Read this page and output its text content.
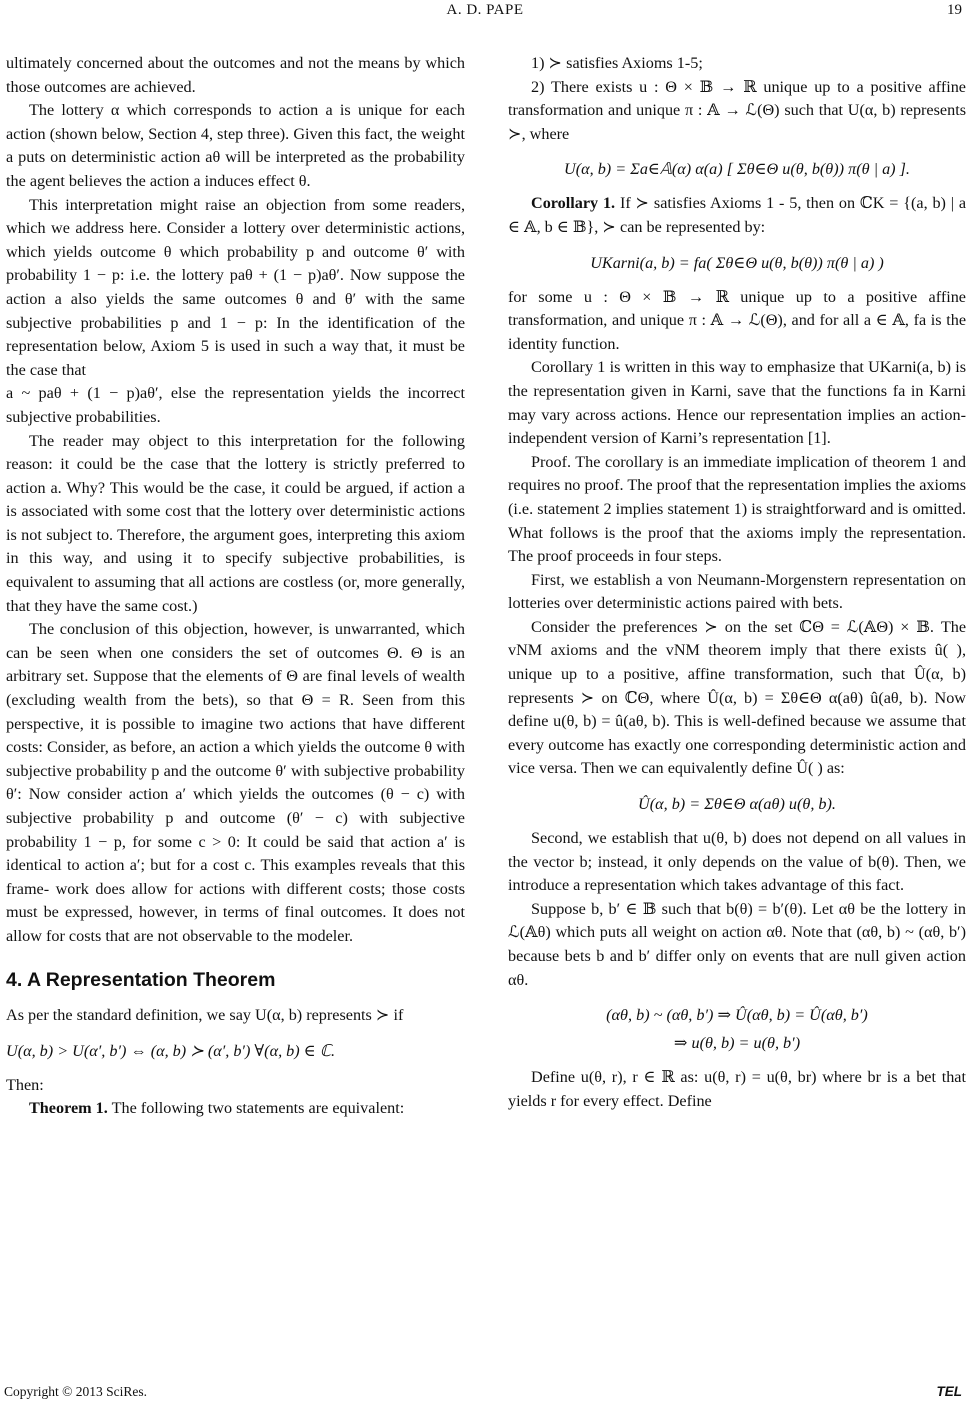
A. D. PAPE	19

ultimately concerned about the outcomes and not the means by which those outcomes are achieved.

The lottery α which corresponds to action a is unique for each action (shown below, Section 4, step three). Given this fact, the weight a puts on deterministic action aθ will be interpreted as the probability the agent believes the action a induces effect θ.

This interpretation might raise an objection from some readers, which we address here. Consider a lottery over deterministic actions, which yields outcome θ which probability p and outcome θ′ with probability 1 − p: i.e. the lottery paθ + (1 − p)aθ′. Now suppose the action a also yields the same outcomes θ and θ′ with the same subjective probabilities p and 1 − p: In the identification of the representation below, Axiom 5 is used in such a way that, it must be the case that

a ~ paθ + (1 − p)aθ′, else the representation yields the incorrect subjective probabilities.

The reader may object to this interpretation for the following reason: it could be the case that the lottery is strictly preferred to action a. Why? This would be the case, it could be argued, if action a is associated with some cost that the lottery over deterministic actions is not subject to. Therefore, the argument goes, interpreting this axiom in this way, and using it to specify subjective probabilities, is equivalent to assuming that all actions are costless (or, more generally, that they have the same cost.)

The conclusion of this objection, however, is unwarranted, which can be seen when one considers the set of outcomes Θ. Θ is an arbitrary set. Suppose that the elements of Θ are final levels of wealth (excluding wealth from the bets), so that Θ = R. Seen from this perspective, it is possible to imagine two actions that have different costs: Consider, as before, an action a which yields the outcome θ with subjective probability p and the outcome θ′ with subjective probability θ′: Now consider action a′ which yields the outcomes (θ − c) with subjective probability p and outcome (θ′ − c) with subjective probability 1 − p, for some c > 0: It could be said that action a′ is identical to action a′; but for a cost c. This examples reveals that this frame- work does allow for actions with different costs; those costs must be expressed, however, in terms of final outcomes. It does not allow for costs that are not observable to the modeler.

4. A Representation Theorem

As per the standard definition, we say U(α, b) represents ≻ if

U(α, b) > U(α′, b′) ⇔ (α, b) ≻ (α′, b′) ∀(α, b) ∈ ℂ.

Then:

Theorem 1. The following two statements are equivalent:

1) ≻ satisfies Axioms 1-5;

2) There exists u : Θ × 𝔹 → ℝ unique up to a positive affine transformation and unique π : 𝔸 → ℒ(Θ) such that U(α, b) represents ≻, where

U(α, b) = Σa∈𝔸(α) α(a) [ Σθ∈Θ u(θ, b(θ)) π(θ | a) ].

Corollary 1. If ≻ satisfies Axioms 1 - 5, then on ℂK = {(a, b) | a ∈ 𝔸, b ∈ 𝔹}, ≻ can be represented by:

UKarni(a, b) = fa( Σθ∈Θ u(θ, b(θ)) π(θ | a) )

for some u : Θ × 𝔹 → ℝ unique up to a positive affine transformation, and unique π : 𝔸 → ℒ(Θ), and for all a ∈ 𝔸, fa is the identity function.

Corollary 1 is written in this way to emphasize that UKarni(a, b) is the representation given in Karni, save that the functions fa in Karni may vary across actions. Hence our representation implies an action-independent version of Karni’s representation [1].

Proof. The corollary is an immediate implication of theorem 1 and requires no proof. The proof that the representation implies the axioms (i.e. statement 2 implies statement 1) is straightforward and is omitted. What follows is the proof that the axioms imply the representation. The proof proceeds in four steps.

First, we establish a von Neumann-Morgenstern representation on lotteries over deterministic actions paired with bets.

Consider the preferences ≻ on the set ℂΘ = ℒ(𝔸Θ) × 𝔹. The vNM axioms and the vNM theorem imply that there exists û( ), unique up to a positive, affine transformation, such that Û(α, b) represents ≻ on ℂΘ, where Û(α, b) = Σθ∈Θ α(aθ) û(aθ, b). Now define u(θ, b) = û(aθ, b). This is well-defined because we assume that every outcome has exactly one corresponding deterministic action and vice versa. Then we can equivalently define Û( ) as:

Û(α, b) = Σθ∈Θ α(aθ) u(θ, b).

Second, we establish that u(θ, b) does not depend on all values in the vector b; instead, it only depends on the value of b(θ). Then, we introduce a representation which takes advantage of this fact.

Suppose b, b′ ∈ 𝔹 such that b(θ) = b′(θ). Let αθ be the lottery in ℒ(𝔸θ) which puts all weight on action αθ. Note that (αθ, b) ~ (αθ, b′) because bets b and b′ differ only on events that are null given action αθ.

(αθ, b) ~ (αθ, b′) ⇒ Û(αθ, b) = Û(αθ, b′)
⇒ u(θ, b) = u(θ, b′)

Define u(θ, r), r ∈ ℝ as: u(θ, r) = u(θ, br) where br is a bet that yields r for every effect. Define

Copyright © 2013 SciRes.	TEL
